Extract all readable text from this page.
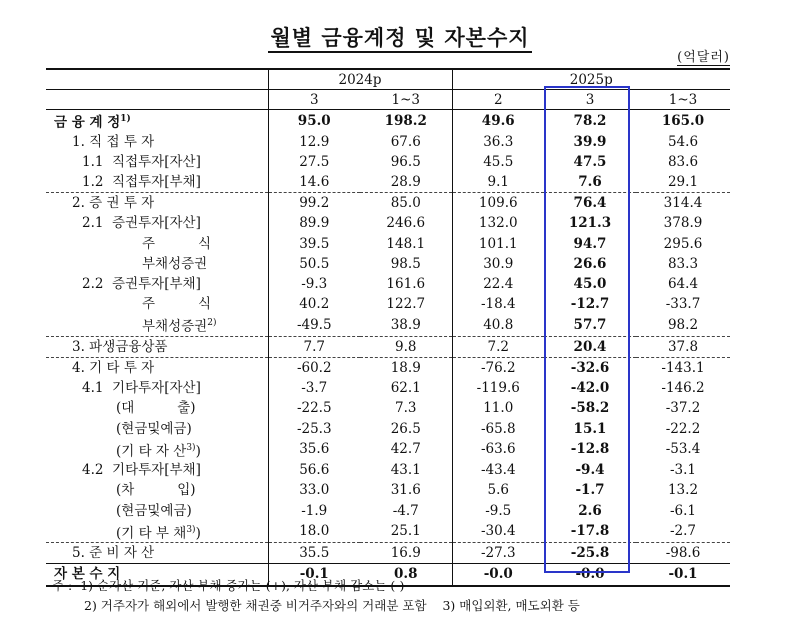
월별 금융계정 및 자본수지
(억달러)
	2024p		2025p		
	3	1~3	2	3	1~3
금 융 계 정$^{1)}$	95.0	198.2	49.6	78.2	165.0
1. 직 접 투 자	12.9	67.6	36.3	39.9	54.6
1.1  직접투자[자산]	27.5	96.5	45.5	47.5	83.6
1.2  직접투자[부채]	14.6	28.9	9.1	7.6	29.1
2. 증 권 투 자	99.2	85.0	109.6	76.4	314.4
2.1  증권투자[자산]	89.9	246.6	132.0	121.3	378.9
주          식	39.5	148.1	101.1	94.7	295.6
부채성증권	50.5	98.5	30.9	26.6	83.3
2.2  증권투자[부채]	-9.3	161.6	22.4	45.0	64.4
주          식	40.2	122.7	-18.4	-12.7	-33.7
부채성증권$^{2)}$	-49.5	38.9	40.8	57.7	98.2
3. 파생금융상품	7.7	9.8	7.2	20.4	37.8
4. 기 타 투 자	-60.2	18.9	-76.2	-32.6	-143.1
4.1  기타투자[자산]	-3.7	62.1	-119.6	-42.0	-146.2
(대          출)	-22.5	7.3	11.0	-58.2	-37.2
(현금및예금)	-25.3	26.5	-65.8	15.1	-22.2
(기 타 자 산$^{3)}$)	35.6	42.7	-63.6	-12.8	-53.4
4.2  기타투자[부채]	56.6	43.1	-43.4	-9.4	-3.1
(차          입)	33.0	31.6	5.6	-1.7	13.2
(현금및예금)	-1.9	-4.7	-9.5	2.6	-6.1
(기 타 부 채$^{3)}$)	18.0	25.1	-30.4	-17.8	-2.7
5. 준 비 자 산	35.5	16.9	-27.3	-25.8	-98.6
자 본 수 지	-0.1	0.8	-0.0	-0.0	-0.1
주 : 1) 순자산 기준, 자산·부채 증가는 (+), 자산·부채 감소는 (-)
2) 거주자가 해외에서 발행한 채권중 비거주자와의 거래분 포함 3) 매입외환, 매도외환 등
